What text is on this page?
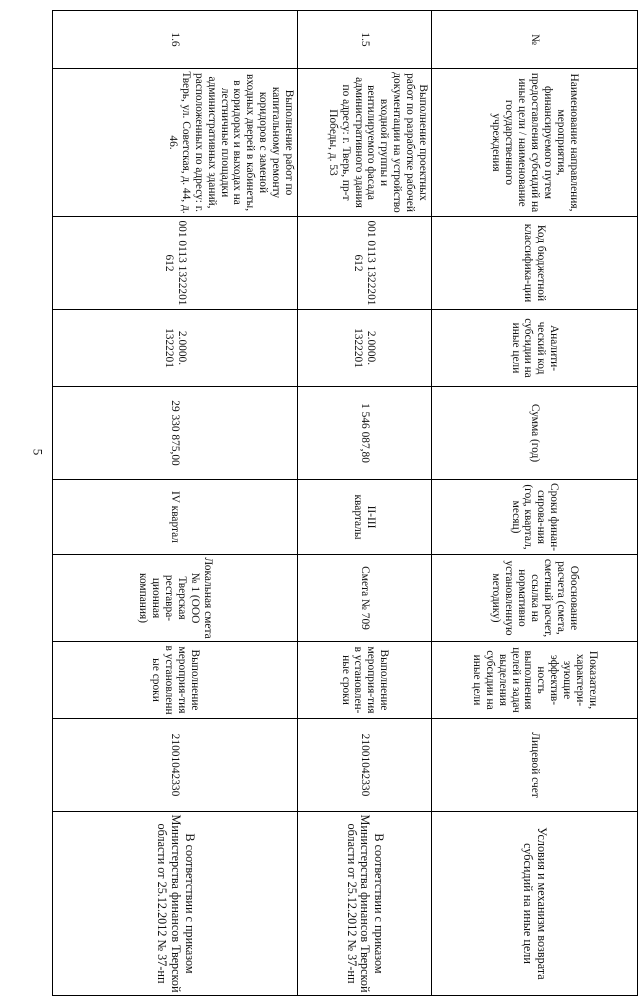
5
№	Наименование направления, мероприятия, финансируемого путем предоставления субсидий на иные цели / наименование государственного учреждения	Код бюджетной классифика-ции	Аналити-ческий код субсидии на иные цели	Сумма (год)	Сроки финан-сирова-ния (год, квартал, месяц)	Обоснование расчета (смета, сметный расчет, ссылка на нормативно установленную методику)	Показатели, характери-зующие эффектив-ность выполнения целей и задач выделения субсидии на иные цели	Лицевой счет	Условия и механизм возврата субсидий на иные цели
1.5	Выполнение проектных работ по разработке рабочей документации на устройство входной группы и вентилируемого фасада административного здания по адресу: г. Тверь, пр-т Победы, д. 53	001 0113 1322201 612	2.0000. 1322201	1 546 087,80	II-III кварталы	Смета № 709	Выполнение мероприя-тия в установлен-ные сроки	21001042330	В соответствии с приказом Министерства финансов Тверской области от 25.12.2012 № 37-нп
1.6	Выполнение работ по капитальному ремонту коридоров с заменой входных дверей в кабинеты, в коридорах и выходах на лестничные площадки административных зданий, расположенных по адресу: г. Тверь, ул. Советская, д. 44, д. 46.	001 0113 1322201 612	2.0000. 1322201	29 330 875,00	IV квартал	Локальная смета № 1 (ООО Тверская реставра-ционная компания)	Выполнение мероприя-тия в установленн ые сроки	21001042330	В соответствии с приказом Министерства финансов Тверской области от 25.12.2012 № 37-нп
